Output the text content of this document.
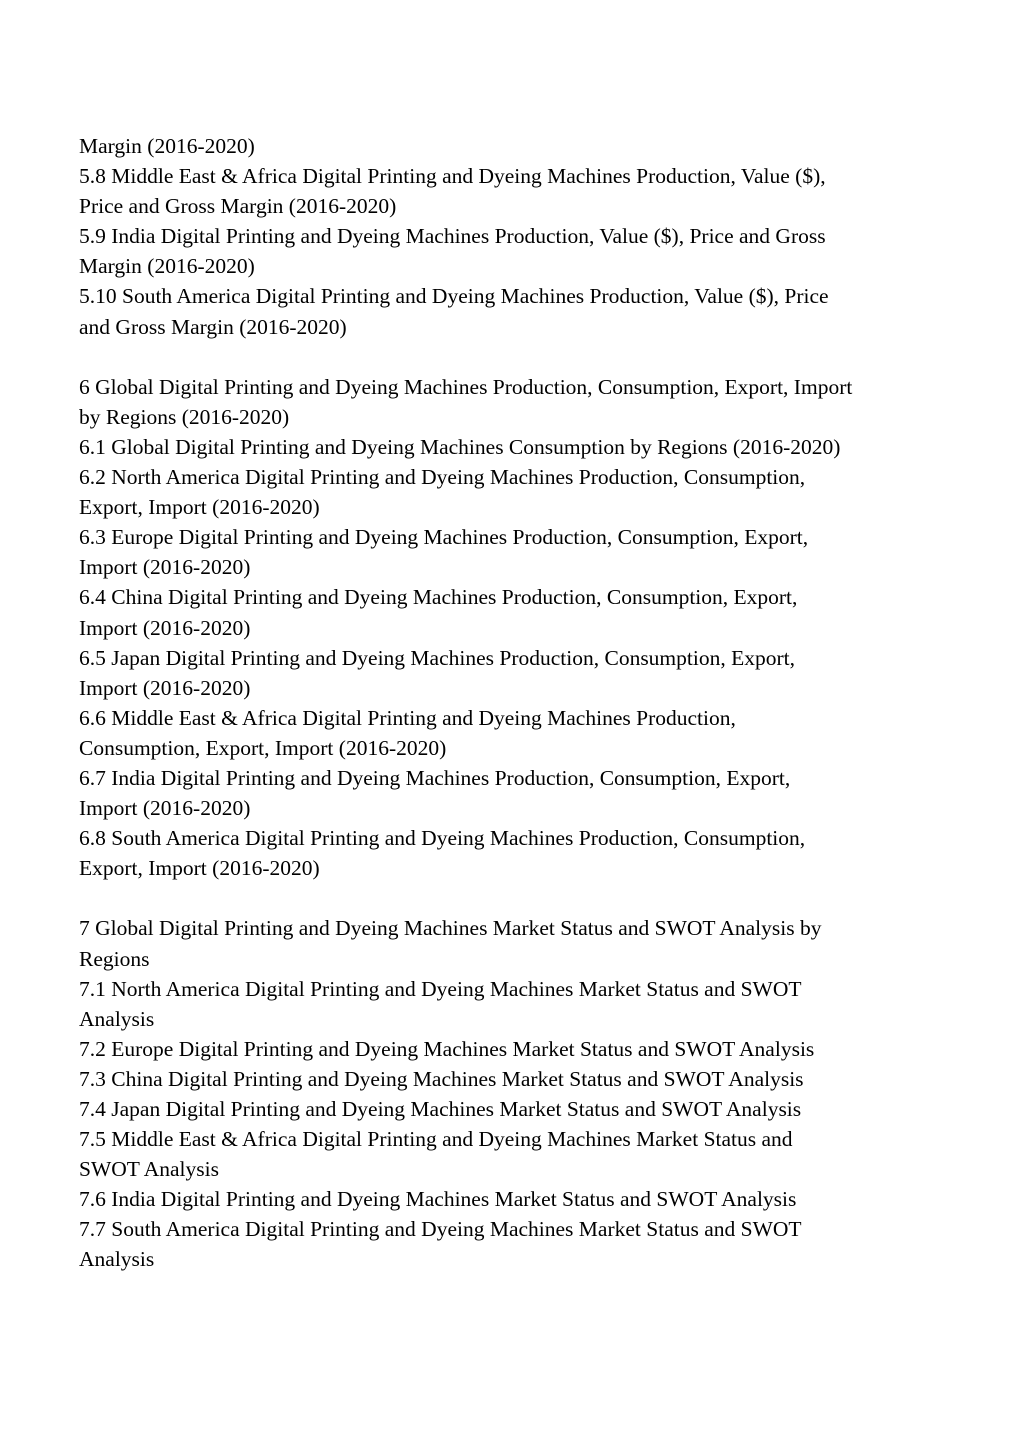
Margin (2016-2020)

5.8 Middle East & Africa Digital Printing and Dyeing Machines Production, Value ($),

Price and Gross Margin (2016-2020)

5.9 India Digital Printing and Dyeing Machines Production, Value ($), Price and Gross

Margin (2016-2020)

5.10 South America Digital Printing and Dyeing Machines Production, Value ($), Price

and Gross Margin (2016-2020)

6 Global Digital Printing and Dyeing Machines Production, Consumption, Export, Import

by Regions (2016-2020)

6.1 Global Digital Printing and Dyeing Machines Consumption by Regions (2016-2020)

6.2 North America Digital Printing and Dyeing Machines Production, Consumption,

Export, Import (2016-2020)

6.3 Europe Digital Printing and Dyeing Machines Production, Consumption, Export,

Import (2016-2020)

6.4 China Digital Printing and Dyeing Machines Production, Consumption, Export,

Import (2016-2020)

6.5 Japan Digital Printing and Dyeing Machines Production, Consumption, Export,

Import (2016-2020)

6.6 Middle East & Africa Digital Printing and Dyeing Machines Production,

Consumption, Export, Import (2016-2020)

6.7 India Digital Printing and Dyeing Machines Production, Consumption, Export,

Import (2016-2020)

6.8 South America Digital Printing and Dyeing Machines Production, Consumption,

Export, Import (2016-2020)

7 Global Digital Printing and Dyeing Machines Market Status and SWOT Analysis by

Regions

7.1 North America Digital Printing and Dyeing Machines Market Status and SWOT

Analysis

7.2 Europe Digital Printing and Dyeing Machines Market Status and SWOT Analysis

7.3 China Digital Printing and Dyeing Machines Market Status and SWOT Analysis

7.4 Japan Digital Printing and Dyeing Machines Market Status and SWOT Analysis

7.5 Middle East & Africa Digital Printing and Dyeing Machines Market Status and

SWOT Analysis

7.6 India Digital Printing and Dyeing Machines Market Status and SWOT Analysis

7.7 South America Digital Printing and Dyeing Machines Market Status and SWOT

Analysis
